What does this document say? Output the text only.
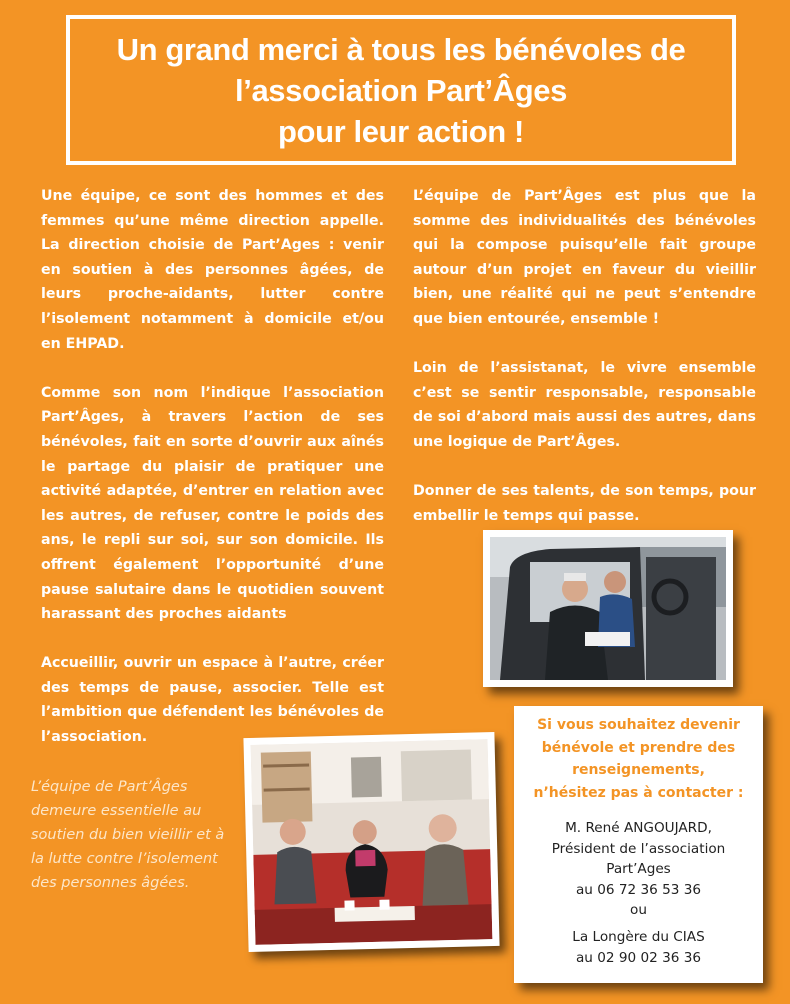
Un grand merci à tous les bénévoles de
l’association Part’Âges
pour leur action !

Une équipe, ce sont des hommes et des femmes qu’une même direction appelle. La direction choisie de Part’Ages : venir en soutien à des personnes âgées, de leurs proche-aidants, lutter contre l’isolement notamment à domicile et/ou en EHPAD.

Comme son nom l’indique l’association Part’Âges, à travers l’action de ses bénévoles, fait en sorte d’ouvrir aux aînés le partage du plaisir de pratiquer une activité adaptée, d’entrer en relation avec les autres, de refuser, contre le poids des ans, le repli sur soi, sur son domicile. Ils offrent également l’opportunité d’une pause salutaire dans le quotidien souvent harassant des proches aidants

Accueillir, ouvrir un espace à l’autre, créer des temps de pause, associer. Telle est l’ambition que défendent les bénévoles de l’association.

L’équipe de Part’Âges est plus que la somme des individualités des bénévoles qui la compose puisqu’elle fait groupe autour d’un projet en faveur du vieillir bien, une réalité qui ne peut s’entendre que bien entourée, ensemble !

Loin de l’assistanat, le vivre ensemble c’est se sentir responsable, responsable de soi d’abord mais aussi des autres, dans une logique de Part’Âges.

Donner de ses talents, de son temps, pour embellir le temps qui passe.

L’équipe de Part’Âges demeure essentielle au soutien du bien vieillir et à la lutte contre l’isolement des personnes âgées.
Si vous souhaitez devenir
bénévole et prendre des
renseignements,
n’hésitez pas à contacter :
M. René ANGOUJARD,
Président de l’association
Part’Ages
au 06 72 36 53 36
ou
La Longère du CIAS
au 02 90 02 36 36
